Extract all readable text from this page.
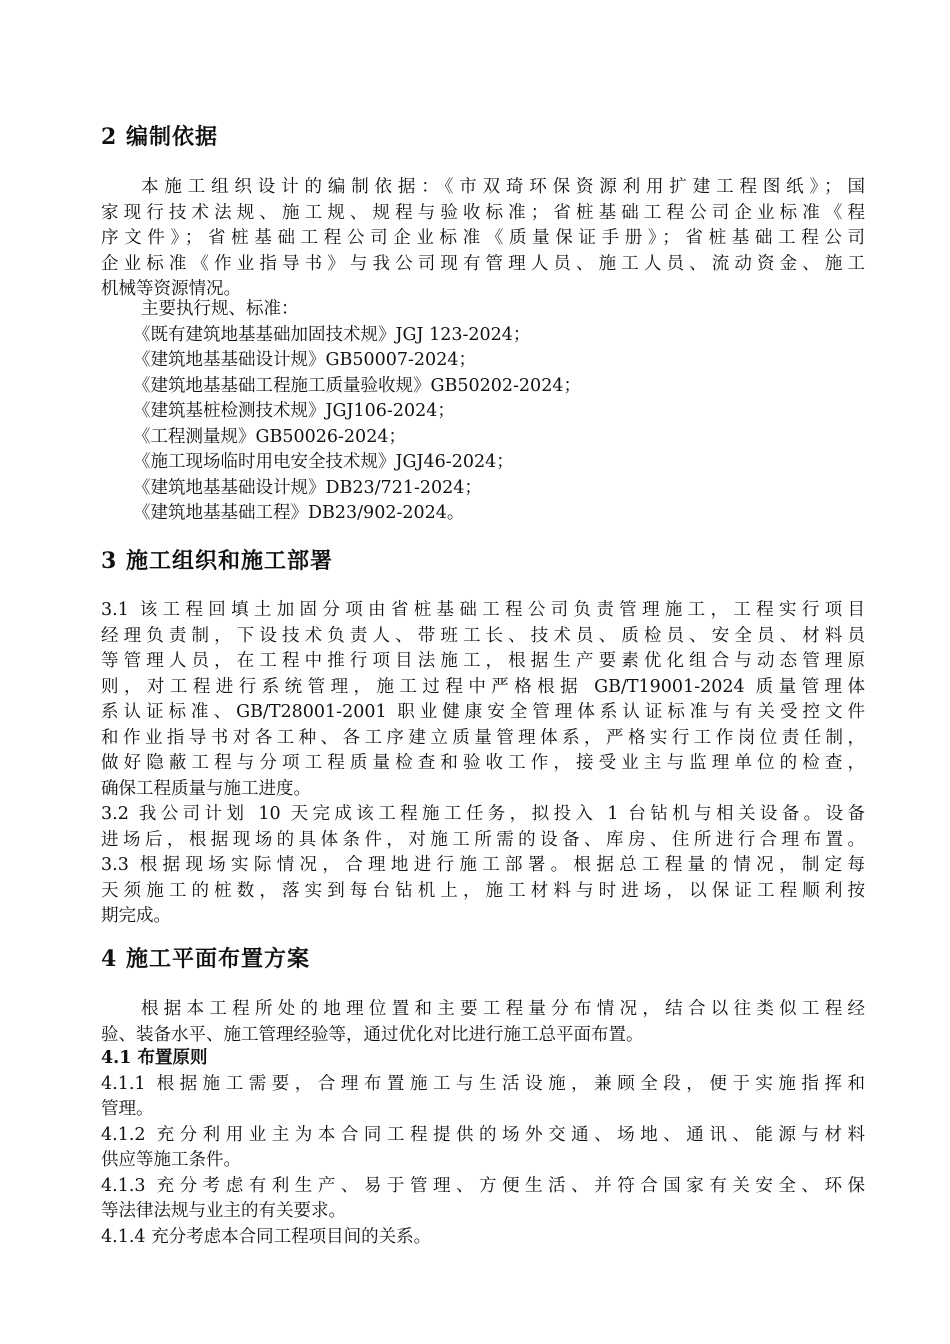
2 编制依据
本施工组织设计的编制依据：《市双琦环保资源利用扩建工程图纸》；国
家现行技术法规、施工规、规程与验收标准；省桩基础工程公司企业标准《程
序文件》；省桩基础工程公司企业标准《质量保证手册》；省桩基础工程公司
企业标准《作业指导书》与我公司现有管理人员、施工人员、流动资金、施工
机械等资源情况。
主要执行规、标准：
《既有建筑地基基础加固技术规》JGJ 123-2024；
《建筑地基基础设计规》GB50007-2024；
《建筑地基基础工程施工质量验收规》GB50202-2024；
《建筑基桩检测技术规》JGJ106-2024；
《工程测量规》GB50026-2024；
《施工现场临时用电安全技术规》JGJ46-2024；
《建筑地基基础设计规》DB23/721-2024；
《建筑地基基础工程》DB23/902-2024。
3 施工组织和施工部署
3.1 该工程回填土加固分项由省桩基础工程公司负责管理施工，工程实行项目
经理负责制，下设技术负责人、带班工长、技术员、质检员、安全员、材料员
等管理人员，在工程中推行项目法施工，根据生产要素优化组合与动态管理原
则，对工程进行系统管理，施工过程中严格根据 GB/T19001-2024 质量管理体
系认证标准、GB/T28001-2001 职业健康安全管理体系认证标准与有关受控文件
和作业指导书对各工种、各工序建立质量管理体系，严格实行工作岗位责任制，
做好隐蔽工程与分项工程质量检查和验收工作，接受业主与监理单位的检查，
确保工程质量与施工进度。
3.2 我公司计划 10 天完成该工程施工任务，拟投入 1 台钻机与相关设备。设备
进场后，根据现场的具体条件，对施工所需的设备、库房、住所进行合理布置。
3.3 根据现场实际情况，合理地进行施工部署。根据总工程量的情况，制定每
天须施工的桩数，落实到每台钻机上，施工材料与时进场，以保证工程顺利按
期完成。
4 施工平面布置方案
根据本工程所处的地理位置和主要工程量分布情况，结合以往类似工程经
验、装备水平、施工管理经验等，通过优化对比进行施工总平面布置。
4.1 布置原则
4.1.1 根据施工需要，合理布置施工与生活设施，兼顾全段，便于实施指挥和
管理。
4.1.2 充分利用业主为本合同工程提供的场外交通、场地、通讯、能源与材料
供应等施工条件。
4.1.3 充分考虑有利生产、易于管理、方便生活、并符合国家有关安全、环保
等法律法规与业主的有关要求。
4.1.4 充分考虑本合同工程项目间的关系。
